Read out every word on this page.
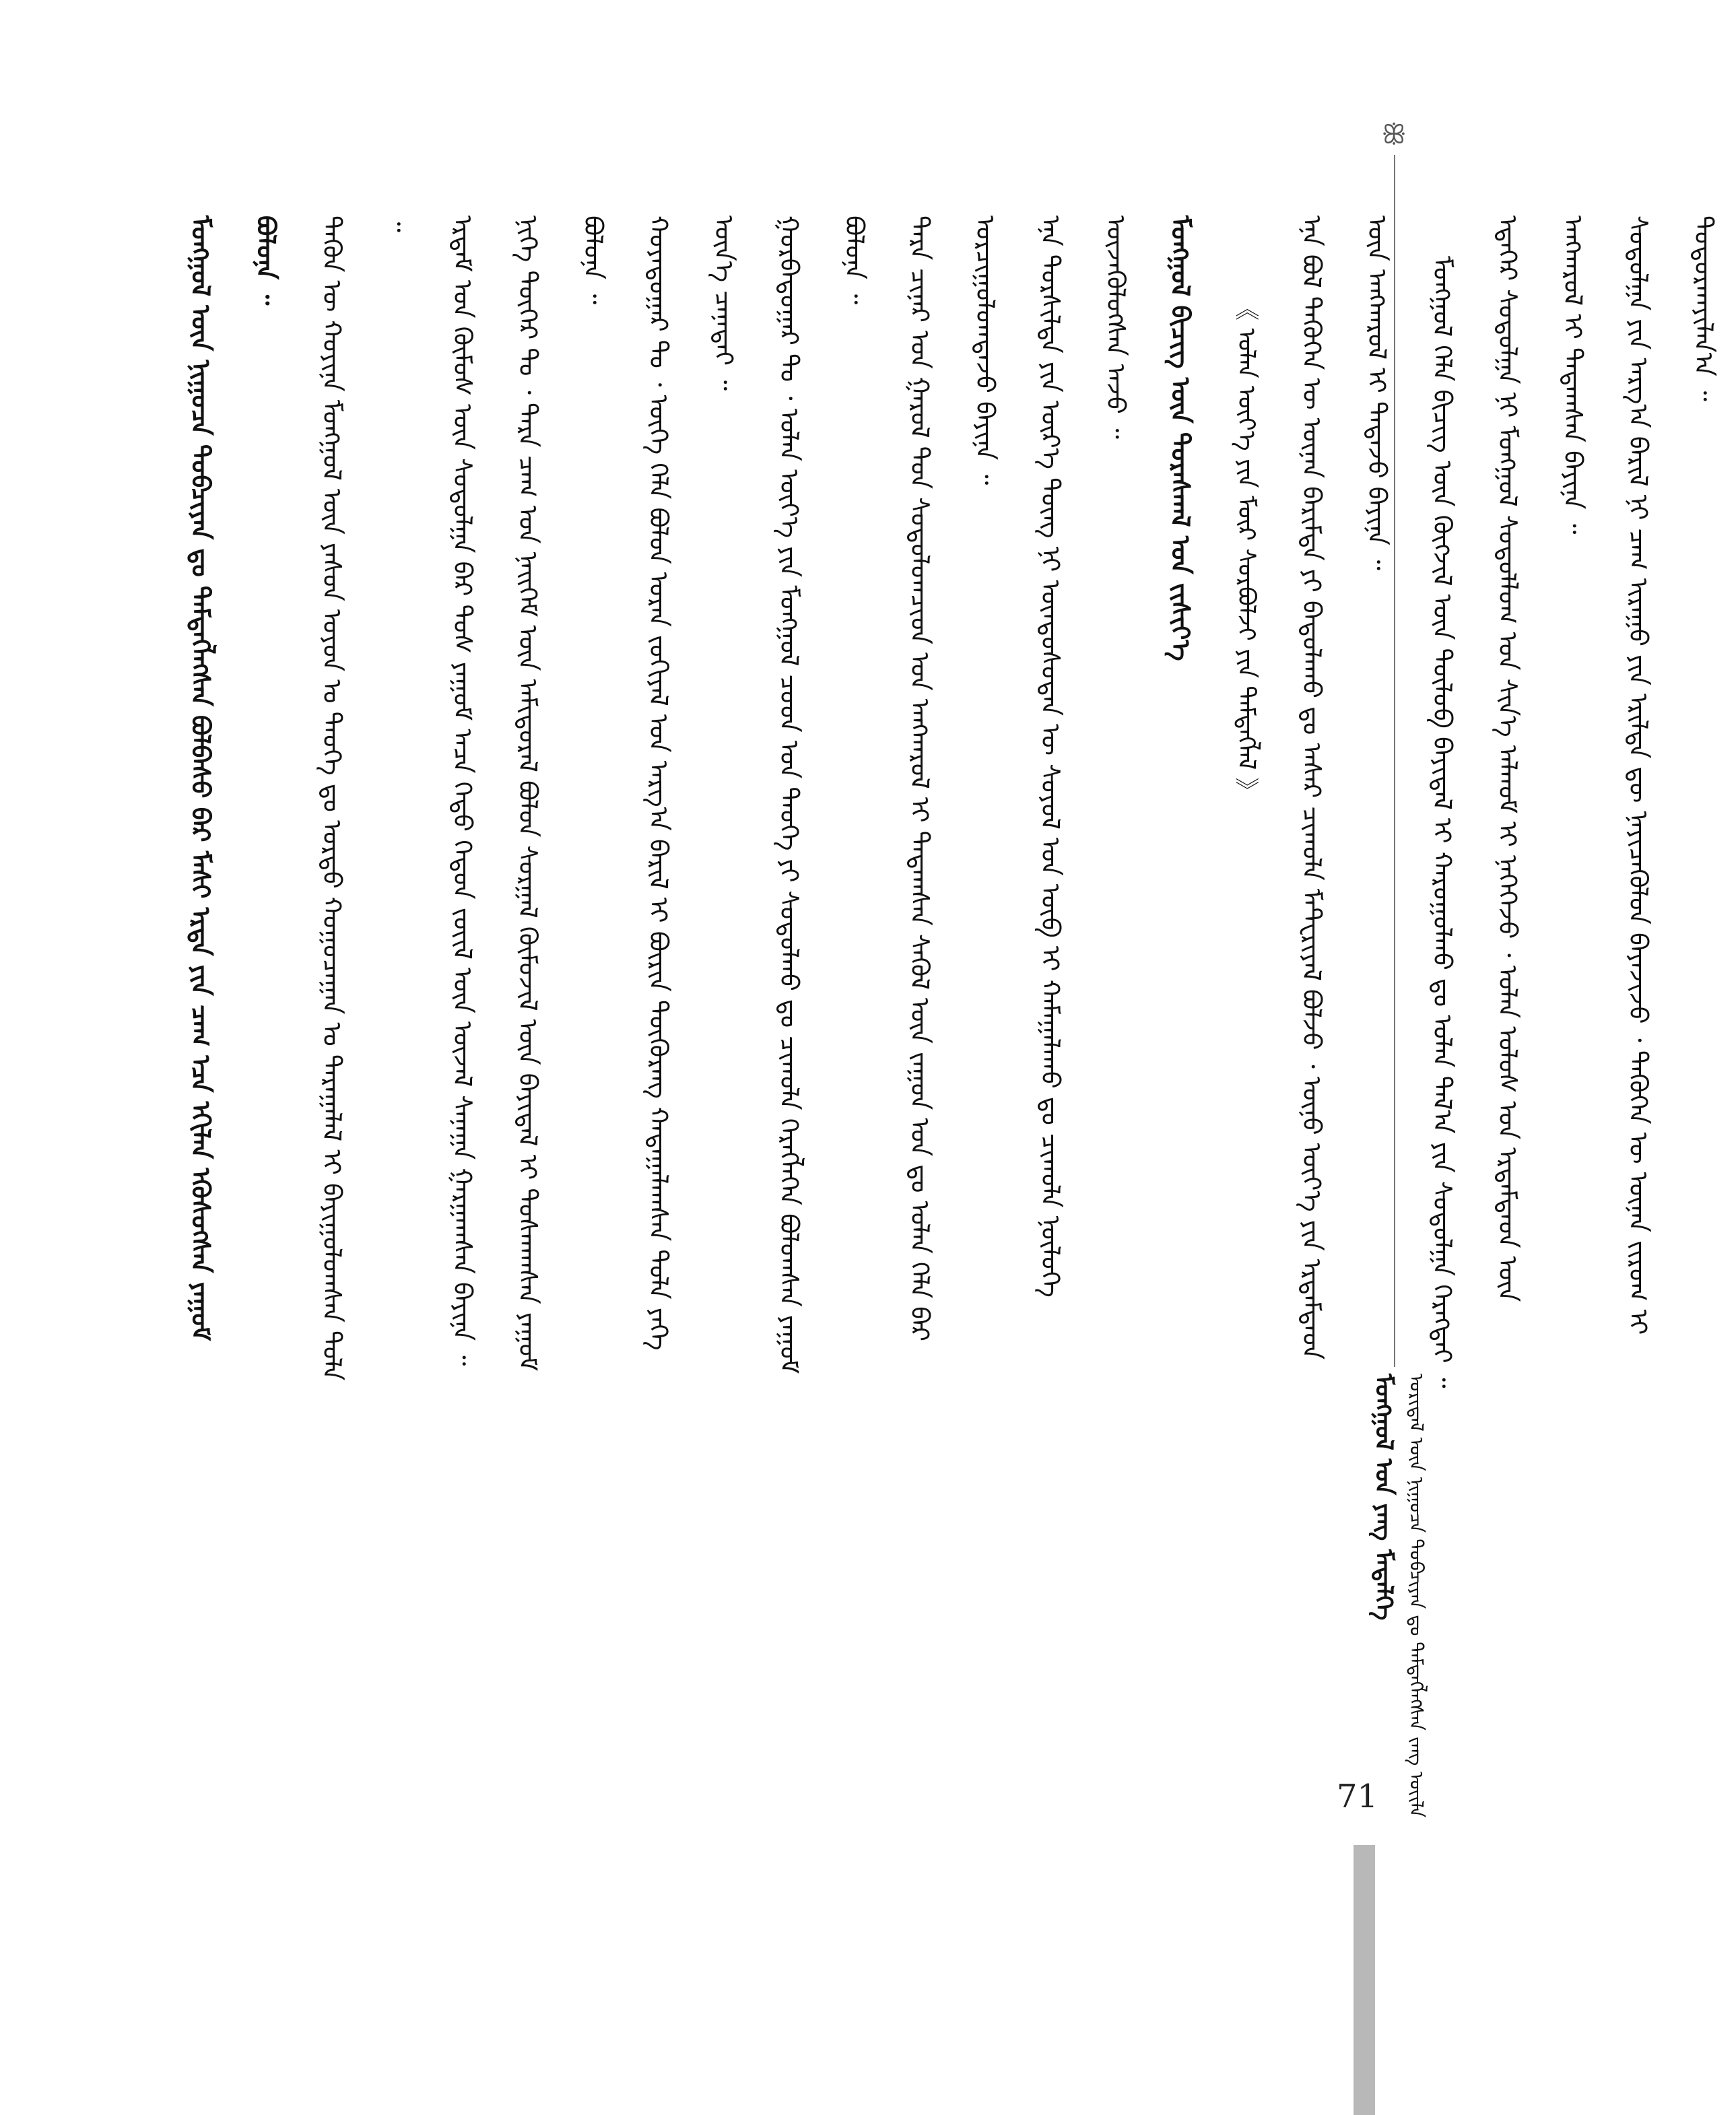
ꕥ
ᠮᠣᠩᠭᠣᠯ ᠤᠨ ᠶᠠᠩ ᠮᠡᠳᠡᠯᠭᠡ ᠤᠷᠢᠳᠠᠯ ᠦᠨ ᠨᠢᠭᠤᠴᠠ ᠲᠣᠪᠴᠢᠶᠠᠨ ᠳᠤ ᠲᠡᠮᠳᠡᠭᠯᠡᠭᠰᠡᠨ ᠵᠠᠩ ᠦᠢᠯᠡ

ᠮᠣᠩᠭᠣᠯ ᠦᠨ ᠨᠢᠭᠤᠴᠠ ᠲᠣᠪᠴᠢᠶᠠᠨ ᠳᠤ ᠲᠡᠮᠳᠡᠭᠯᠡᠭᠰᠡᠨ ᠪᠣᠯᠪᠠᠰᠤ ᠪᠠᠷ ᠮᠠᠰᠢ ᠡᠷᠲᠡ ᠶᠢᠨ ᠴᠠᠭ ᠡᠴᠡ ᠡᠬᠢᠯᠡᠨ ᠡᠭᠦᠰᠦᠭᠰᠡᠨ ᠶᠠᠭᠤᠮ ᠪᠣᠯᠤᠨᠠ ᠃	ᠲᠡᠭᠦᠨ ᠦ ᠬᠣᠶᠢᠨᠠ ᠮᠣᠩᠭᠣᠯ ᠦᠨ ᠶᠠᠰᠤᠨ ᠣᠶᠤᠨ ᠤ ᠲᠡᠦᠬᠡ ᠳᠤ ᠤᠷᠲᠤ ᠬᠤᠭᠤᠴᠠᠭᠠᠨ ᠤ ᠳᠠᠷᠠᠭᠠᠯᠠᠯ ᠢ ᠪᠠᠶᠢᠭᠤᠯᠤᠭᠰᠠᠨ ᠲᠤᠯᠠ ᠃	ᠡᠷᠳᠡᠮ ᠤᠨ ᠬᠦᠮᠦᠰ ᠦᠨ ᠰᠤᠳᠤᠯᠭᠠ ᠪᠠᠷ ᠲᠤᠰ ᠶᠠᠭᠤᠮ ᠠᠴᠠ ᠬᠡᠳᠦ ᠬᠡᠳᠦᠨ ᠵᠦᠢᠯ ᠦᠨ ᠦᠵᠡᠯ ᠰᠠᠨᠠᠭᠠ ᠭᠠᠷᠭᠠᠭᠰᠠᠨ ᠪᠠᠶᠢᠨᠠ ᠃	ᠨᠢᠭᠡ ᠳᠦᠭᠡᠷ ᠲᠤ ᠂ ᠲᠡᠷᠡ ᠴᠠᠭ ᠤᠨ ᠨᠡᠢᠭᠡᠮ ᠦᠨ ᠠᠮᠢᠳᠤᠷᠠᠯ ᠪᠣᠯᠤᠨ ᠰᠤᠷᠭᠠᠯ ᠬᠦᠮᠦᠵᠢᠯ ᠦᠨ ᠪᠠᠶᠢᠳᠠᠯ ᠢ ᠲᠤᠰᠬᠠᠭᠰᠠᠨ ᠶᠠᠭᠤᠮ ᠪᠣᠯᠤᠨᠠ ᠃	ᠬᠣᠶᠠᠳᠤᠭᠠᠷ ᠲᠤ ᠂ ᠦᠭᠡ ᠬᠡᠯᠡ ᠪᠣᠯᠤᠨ ᠤᠷᠠᠨ ᠵᠣᠬᠢᠶᠠᠯ ᠤᠨ ᠠᠷᠭ᠎ᠠ ᠪᠠᠷᠢᠯ ᠢ ᠪᠦᠷᠢᠨ ᠳᠦᠭᠦᠷᠡᠩ ᠬᠠᠳᠠᠭᠠᠯᠠᠭᠰᠠᠨ ᠲᠤᠯᠠ ᠶᠡᠬᠡ ᠦᠨ᠎ᠡ ᠴᠡᠨᠡᠲᠡᠢ ᠃	ᠭᠤᠷᠪᠠᠳᠤᠭᠠᠷ ᠲᠤ ᠂ ᠣᠯᠠᠨ ᠦᠶ᠎ᠡ ᠶᠢᠨ ᠮᠣᠩᠭᠣᠯ ᠴᠤᠳ ᠤᠨ ᠲᠡᠦᠬᠡ ᠶᠢ ᠰᠤᠳᠤᠯᠬᠤ ᠳᠤ ᠴᠢᠬᠤᠯᠠ ᠬᠡᠷᠡᠭᠯᠡᠭᠡᠨ ᠪᠣᠯᠤᠭᠰᠠᠨ ᠶᠠᠭᠤᠮ ᠪᠣᠯᠤᠨᠠ ᠃	ᠲᠡᠷᠡ ᠴᠢᠨᠠᠷ ᠤᠨ ᠭᠠᠷᠤᠯ ᠳᠤᠨ ᠰᠤᠳᠤᠯᠤᠭᠴᠢᠳ ᠤᠨ ᠠᠩᠬᠠᠷᠤᠯ ᠢ ᠲᠠᠲᠠᠭᠰᠠᠨ ᠰᠡᠭᠦᠯ ᠦᠨ ᠵᠠᠭᠤᠨ ᠣᠨ ᠳᠤ ᠣᠯᠠᠨ ᠬᠡᠯᠡ ᠪᠡᠷ ᠣᠷᠴᠢᠭᠤᠯᠤᠭᠳᠠᠵᠤ ᠪᠠᠶᠢᠨᠠ ᠃	ᠡᠨᠡ ᠲᠤᠷᠰᠢᠯᠲᠠ ᠶᠢᠨ ᠦᠷ᠎ᠡ ᠳᠦᠩ ᠨᠢ ᠦᠨᠳᠦᠰᠦᠲᠡᠨ ᠦ ᠰᠣᠶᠣᠯ ᠤᠨ ᠥᠪ ᠢ ᠬᠠᠮᠠᠭᠠᠯᠠᠬᠤ ᠳᠤ ᠴᠢᠬᠤᠯᠠ ᠨᠥᠯᠦᠭᠡ ᠦᠵᠡᠭᠦᠯᠦᠭᠰᠡᠨ ᠠᠵᠤ ᠃	ᠮᠣᠩᠭᠣᠯ ᠪᠢᠴᠢᠭ ᠦᠨ ᠳᠤᠷᠠᠰᠬᠠᠯ ᠤᠨ ᠵᠢᠱᠢᠶ᠎ᠡ	《 ᠣᠯᠠᠨ ᠦᠶ᠎ᠡ ᠶᠢᠨ ᠮᠥᠷ ᠰᠤᠷᠪᠤᠯᠵᠢ ᠶᠢᠨ ᠲᠡᠮᠳᠡᠭᠯᠡᠯ 》	ᠡᠨᠡ ᠪᠣᠯ ᠲᠡᠭᠦᠬᠡᠨ ᠦ ᠦᠨᠡᠨ ᠪᠠᠷᠢᠮᠲᠠ ᠶᠢ ᠪᠠᠲᠤᠯᠠᠬᠤ ᠳᠤ ᠠᠰᠠᠷ ᠴᠢᠬᠤᠯᠠ ᠮᠠᠲᠧᠷᠢᠶᠠᠯ ᠪᠣᠯᠵᠤ ᠂ ᠥᠨᠥ ᠦᠶ᠎ᠡ ᠶᠢᠨ ᠡᠷᠳᠡᠮᠲᠡᠳ ᠦᠨ ᠠᠩᠬᠠᠷᠤᠯ ᠢ ᠲᠠᠲᠠᠵᠤ ᠪᠠᠶᠢᠨᠠ ᠃	ᠮᠣᠩᠭᠣᠯ ᠬᠡᠯᠡ ᠪᠢᠴᠢᠭ ᠦᠨ ᠬᠥᠭᠵᠢᠯ ᠦᠨ ᠲᠦᠯᠦᠪ ᠪᠠᠶᠢᠳᠠᠯ ᠢ ᠬᠠᠷᠤᠭᠤᠯᠬᠤ ᠳᠤ ᠣᠯᠠᠨ ᠲᠠᠯ᠎ᠠ ᠶᠢᠨ ᠰᠤᠳᠤᠯᠭᠠ ᠬᠡᠷᠡᠭᠲᠡᠢ ᠃	ᠡᠳᠡᠭᠡᠷ ᠰᠤᠳᠤᠯᠭᠠ ᠨᠢ ᠮᠣᠩᠭᠣᠯ ᠰᠤᠳᠤᠯᠯᠤᠭ ᠤᠨ ᠰᠢᠨ᠎ᠡ ᠠᠯᠬᠤᠮ ᠢ ᠨᠡᠭᠡᠭᠡᠵᠦ ᠂ ᠣᠯᠠᠨ ᠤᠯᠤᠰ ᠤᠨ ᠡᠷᠳᠡᠮᠲᠡᠳ ᠦᠨ ᠠᠩᠬᠠᠷᠤᠯ ᠢ ᠲᠠᠲᠠᠭᠰᠠᠨ ᠪᠠᠶᠢᠨᠠ ᠃	ᠰᠤᠳᠤᠯᠭᠠ ᠶᠢᠨ ᠠᠷᠭ᠎ᠠ ᠪᠠᠷᠢᠯ ᠨᠢ ᠴᠠᠭ ᠢᠷᠠᠭᠤ ᠶᠢᠨ ᠡᠷᠢᠯᠲᠡ ᠳᠦ ᠨᠡᠶᠢᠴᠡᠭᠦᠯᠦᠨ ᠪᠠᠶᠠᠵᠢᠵᠤ ᠂ ᠲᠡᠭᠦᠬᠡᠨ ᠦ ᠦᠨᠡᠨ ᠵᠢᠷᠤᠭ ᠢ ᠲᠣᠳᠤᠷᠬᠠᠶᠢᠯᠠᠨ᠎ᠠ ᠃

71
